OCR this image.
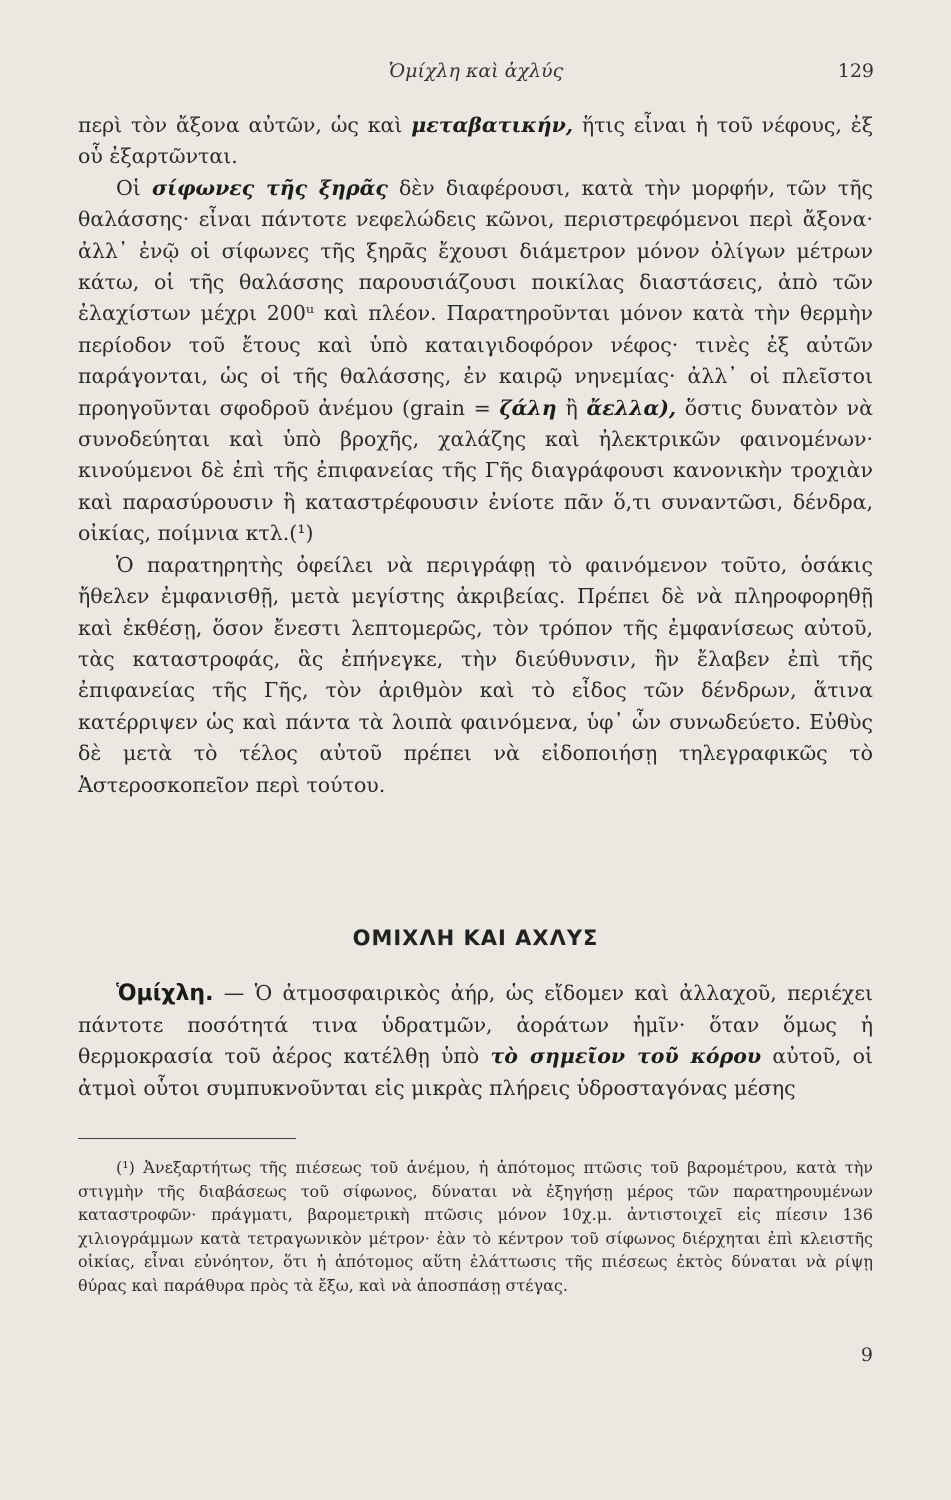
Ὁμίχλη καὶ ἀχλύς	129

περὶ τὸν ἄξονα αὐτῶν, ὡς καὶ μεταβατικήν, ἥτις εἶναι ἡ τοῦ νέφους, ἐξ οὗ ἐξαρτῶνται.

Οἱ σίφωνες τῆς ξηρᾶς δὲν διαφέρουσι, κατὰ τὴν μορφήν, τῶν τῆς θαλάσσης· εἶναι πάντοτε νεφελώδεις κῶνοι, περιστρεφόμενοι περὶ ἄξονα· ἀλλ᾽ ἐνῷ οἱ σίφωνες τῆς ξηρᾶς ἔχουσι διάμετρον μόνον ὀλίγων μέτρων κάτω, οἱ τῆς θαλάσσης παρουσιάζουσι ποικίλας διαστάσεις, ἀπὸ τῶν ἐλαχίστων μέχρι 200ᵘ καὶ πλέον. Παρατηροῦνται μόνον κατὰ τὴν θερμὴν περίοδον τοῦ ἔτους καὶ ὑπὸ καταιγιδοφόρον νέφος· τινὲς ἐξ αὐτῶν παράγονται, ὡς οἱ τῆς θαλάσσης, ἐν καιρῷ νηνεμίας· ἀλλ᾽ οἱ πλεῖστοι προηγοῦνται σφοδροῦ ἀνέμου (grain = ζάλη ἢ ἄελλα), ὅστις δυνατὸν νὰ συνοδεύηται καὶ ὑπὸ βροχῆς, χαλάζης καὶ ἠλεκτρικῶν φαινομένων· κινούμενοι δὲ ἐπὶ τῆς ἐπιφανείας τῆς Γῆς διαγράφουσι κανονικὴν τροχιὰν καὶ παρασύρουσιν ἢ καταστρέφουσιν ἐνίοτε πᾶν ὅ,τι συναντῶσι, δένδρα, οἰκίας, ποίμνια κτλ.(¹)

Ὁ παρατηρητὴς ὀφείλει νὰ περιγράφῃ τὸ φαινόμενον τοῦτο, ὁσάκις ἤθελεν ἐμφανισθῇ, μετὰ μεγίστης ἀκριβείας. Πρέπει δὲ νὰ πληροφορηθῇ καὶ ἐκθέσῃ, ὅσον ἔνεστι λεπτομερῶς, τὸν τρόπον τῆς ἐμφανίσεως αὐτοῦ, τὰς καταστροφάς, ἃς ἐπήνεγκε, τὴν διεύθυνσιν, ἣν ἔλαβεν ἐπὶ τῆς ἐπιφανείας τῆς Γῆς, τὸν ἀριθμὸν καὶ τὸ εἶδος τῶν δένδρων, ἅτινα κατέρριψεν ὡς καὶ πάντα τὰ λοιπὰ φαινόμενα, ὑφ᾽ ὧν συνωδεύετο. Εὐθὺς δὲ μετὰ τὸ τέλος αὐτοῦ πρέπει νὰ εἰδοποιήσῃ τηλεγραφικῶς τὸ Ἀστεροσκοπεῖον περὶ τούτου.

ΟΜΙΧΛΗ ΚΑΙ ΑΧΛΥΣ

Ὁμίχλη. — Ὁ ἀτμοσφαιρικὸς ἀήρ, ὡς εἴδομεν καὶ ἀλλαχοῦ, περιέχει πάντοτε ποσότητά τινα ὑδρατμῶν, ἀοράτων ἡμῖν· ὅταν ὅμως ἡ θερμοκρασία τοῦ ἀέρος κατέλθῃ ὑπὸ τὸ σημεῖον τοῦ κόρου αὐτοῦ, οἱ ἀτμοὶ οὗτοι συμπυκνοῦνται εἰς μικρὰς πλήρεις ὑδροσταγόνας μέσης

(¹) Ἀνεξαρτήτως τῆς πιέσεως τοῦ ἀνέμου, ἡ ἀπότομος πτῶσις τοῦ βαρομέτρου, κατὰ τὴν στιγμὴν τῆς διαβάσεως τοῦ σίφωνος, δύναται νὰ ἐξηγήσῃ μέρος τῶν παρατηρουμένων καταστροφῶν· πράγματι, βαρομετρικὴ πτῶσις μόνον 10χ.μ. ἀντιστοιχεῖ εἰς πίεσιν 136 χιλιογράμμων κατὰ τετραγωνικὸν μέτρον· ἐὰν τὸ κέντρον τοῦ σίφωνος διέρχηται ἐπὶ κλειστῆς οἰκίας, εἶναι εὐνόητον, ὅτι ἡ ἀπότομος αὕτη ἐλάττωσις τῆς πιέσεως ἐκτὸς δύναται νὰ ρίψῃ θύρας καὶ παράθυρα πρὸς τὰ ἔξω, καὶ νὰ ἀποσπάσῃ στέγας.

9
